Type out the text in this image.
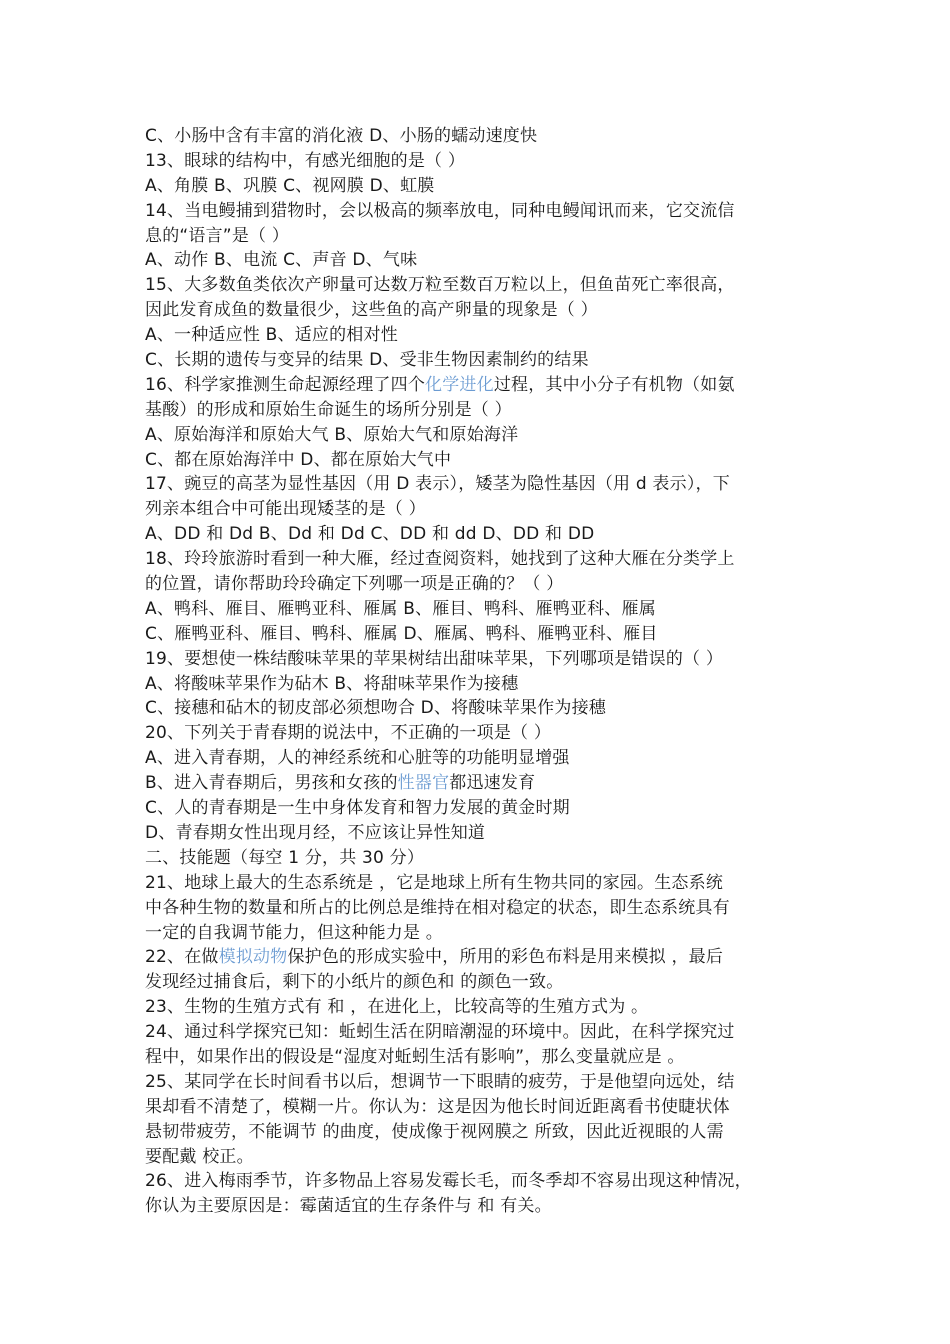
C、小肠中含有丰富的消化液 D、小肠的蠕动速度快
13、眼球的结构中，有感光细胞的是（ ）
A、角膜 B、巩膜 C、视网膜 D、虹膜
14、当电鳗捕到猎物时，会以极高的频率放电，同种电鳗闻讯而来，它交流信
息的“语言”是（ ）
A、动作 B、电流 C、声音 D、气味
15、大多数鱼类依次产卵量可达数万粒至数百万粒以上，但鱼苗死亡率很高，
因此发育成鱼的数量很少，这些鱼的高产卵量的现象是（ ）
A、一种适应性 B、适应的相对性
C、长期的遗传与变异的结果 D、受非生物因素制约的结果
16、科学家推测生命起源经理了四个化学进化过程，其中小分子有机物（如氨
基酸）的形成和原始生命诞生的场所分别是（ ）
A、原始海洋和原始大气 B、原始大气和原始海洋
C、都在原始海洋中 D、都在原始大气中
17、豌豆的高茎为显性基因（用 D 表示），矮茎为隐性基因（用 d 表示），下
列亲本组合中可能出现矮茎的是（ ）
A、DD 和 Dd B、Dd 和 Dd C、DD 和 dd D、DD 和 DD
18、玲玲旅游时看到一种大雁，经过查阅资料，她找到了这种大雁在分类学上
的位置，请你帮助玲玲确定下列哪一项是正确的？（ ）
A、鸭科、雁目、雁鸭亚科、雁属 B、雁目、鸭科、雁鸭亚科、雁属
C、雁鸭亚科、雁目、鸭科、雁属 D、雁属、鸭科、雁鸭亚科、雁目
19、要想使一株结酸味苹果的苹果树结出甜味苹果，下列哪项是错误的（ ）
A、将酸味苹果作为砧木 B、将甜味苹果作为接穗
C、接穗和砧木的韧皮部必须想吻合 D、将酸味苹果作为接穗
20、下列关于青春期的说法中，不正确的一项是（ ）
A、进入青春期，人的神经系统和心脏等的功能明显增强
B、进入青春期后，男孩和女孩的性器官都迅速发育
C、人的青春期是一生中身体发育和智力发展的黄金时期
D、青春期女性出现月经，不应该让异性知道
二、技能题（每空 1 分，共 30 分）
21、地球上最大的生态系统是 ，它是地球上所有生物共同的家园。生态系统
中各种生物的数量和所占的比例总是维持在相对稳定的状态，即生态系统具有
一定的自我调节能力，但这种能力是 。
22、在做模拟动物保护色的形成实验中，所用的彩色布料是用来模拟 ，最后
发现经过捕食后，剩下的小纸片的颜色和 的颜色一致。
23、生物的生殖方式有 和 ，在进化上，比较高等的生殖方式为 。
24、通过科学探究已知：蚯蚓生活在阴暗潮湿的环境中。因此，在科学探究过
程中，如果作出的假设是“湿度对蚯蚓生活有影响”，那么变量就应是 。
25、某同学在长时间看书以后，想调节一下眼睛的疲劳，于是他望向远处，结
果却看不清楚了，模糊一片。你认为：这是因为他长时间近距离看书使睫状体
悬韧带疲劳，不能调节 的曲度，使成像于视网膜之 所致，因此近视眼的人需
要配戴 校正。
26、进入梅雨季节，许多物品上容易发霉长毛，而冬季却不容易出现这种情况，
你认为主要原因是：霉菌适宜的生存条件与 和 有关。
